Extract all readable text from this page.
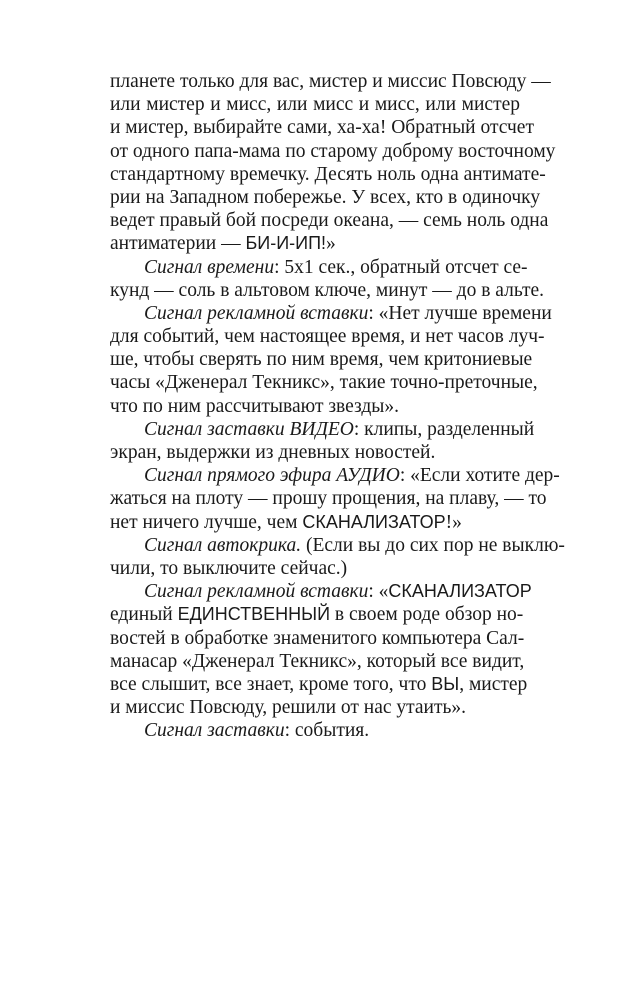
планете только для вас, мистер и миссис Повсюду —
или мистер и мисс, или мисс и мисс, или мистер
и мистер, выбирайте сами, ха-ха! Обратный отсчет
от одного папа-мама по старому доброму восточному
стандартному времечку. Десять ноль одна антимате-
рии на Западном побережье. У всех, кто в одиночку
ведет правый бой посреди океана, — семь ноль одна
антиматерии — БИ-И-ИП!»
Сигнал времени: 5х1 сек., обратный отсчет се-
кунд — соль в альтовом ключе, минут — до в альте.
Сигнал рекламной вставки: «Нет лучше времени
для событий, чем настоящее время, и нет часов луч-
ше, чтобы сверять по ним время, чем критониевые
часы «Дженерал Текникс», такие точно-преточные,
что по ним рассчитывают звезды».
Сигнал заставки ВИДЕО: клипы, разделенный
экран, выдержки из дневных новостей.
Сигнал прямого эфира АУДИО: «Если хотите дер-
жаться на плоту — прошу прощения, на плаву, — то
нет ничего лучше, чем СКАНАЛИЗАТОР!»
Сигнал автокрика. (Если вы до сих пор не выклю-
чили, то выключите сейчас.)
Сигнал рекламной вставки: «СКАНАЛИЗАТОР
единый ЕДИНСТВЕННЫЙ в своем роде обзор но-
востей в обработке знаменитого компьютера Сал-
манасар «Дженерал Текникс», который все видит,
все слышит, все знает, кроме того, что ВЫ, мистер
и миссис Повсюду, решили от нас утаить».
Сигнал заставки: события.
